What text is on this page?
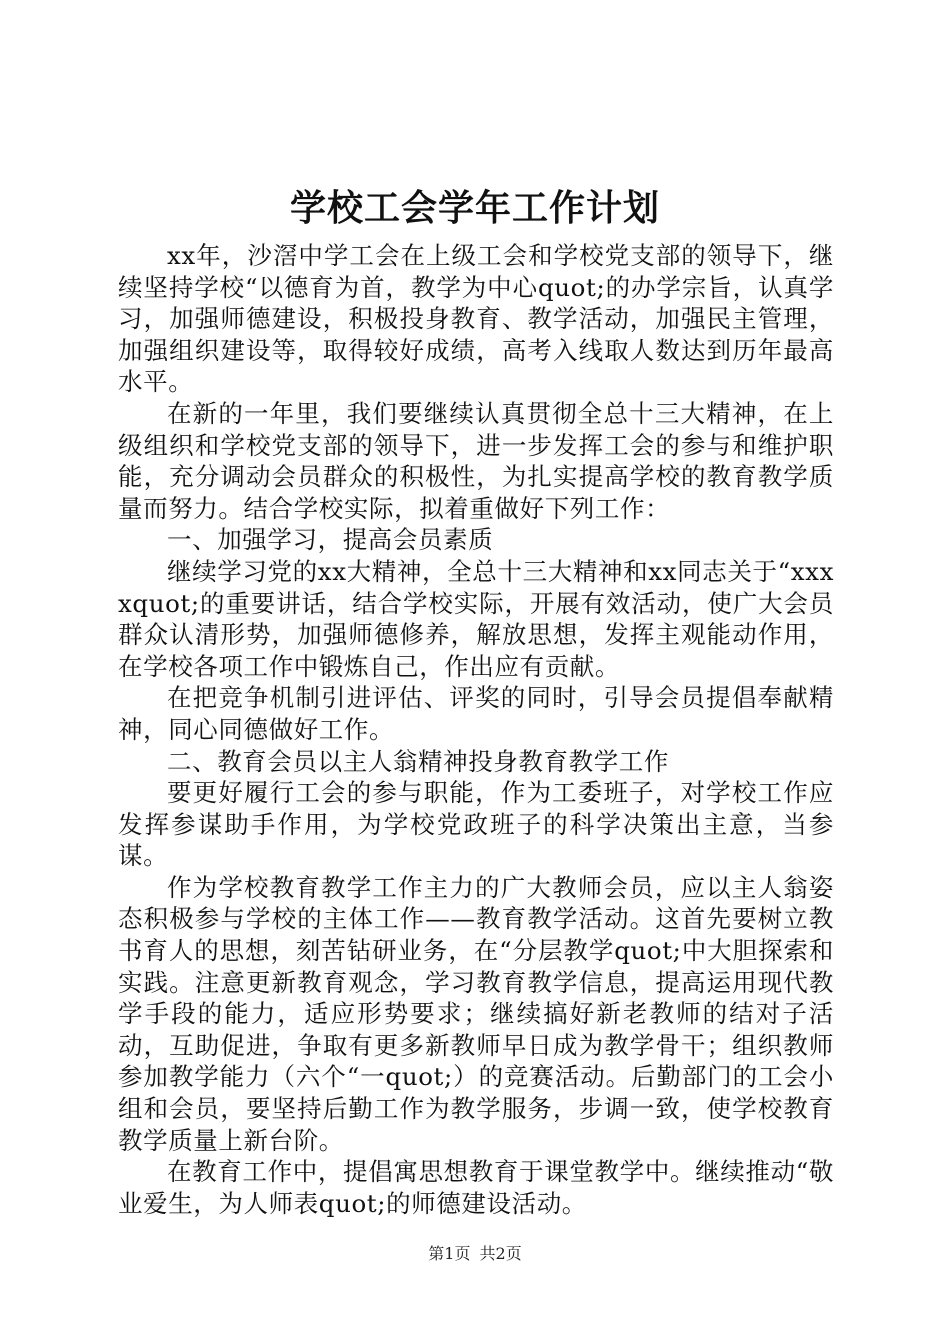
学校工会学年工作计划

xx年，沙滘中学工会在上级工会和学校党支部的领导下，继续坚持学校“以德育为首，教学为中心quot;的办学宗旨，认真学习，加强师德建设，积极投身教育、教学活动，加强民主管理，加强组织建设等，取得较好成绩，高考入线取人数达到历年最高水平。

在新的一年里，我们要继续认真贯彻全总十三大精神，在上级组织和学校党支部的领导下，进一步发挥工会的参与和维护职能，充分调动会员群众的积极性，为扎实提高学校的教育教学质量而努力。结合学校实际，拟着重做好下列工作：

一、加强学习，提高会员素质

继续学习党的xx大精神，全总十三大精神和xx同志关于“xxxxquot;的重要讲话，结合学校实际，开展有效活动，使广大会员群众认清形势，加强师德修养，解放思想，发挥主观能动作用，在学校各项工作中锻炼自己，作出应有贡献。

在把竞争机制引进评估、评奖的同时，引导会员提倡奉献精神，同心同德做好工作。

二、教育会员以主人翁精神投身教育教学工作

要更好履行工会的参与职能，作为工委班子，对学校工作应发挥参谋助手作用，为学校党政班子的科学决策出主意，当参谋。

作为学校教育教学工作主力的广大教师会员，应以主人翁姿态积极参与学校的主体工作——教育教学活动。这首先要树立教书育人的思想，刻苦钻研业务，在“分层教学quot;中大胆探索和实践。注意更新教育观念，学习教育教学信息，提高运用现代教学手段的能力，适应形势要求；继续搞好新老教师的结对子活动，互助促进，争取有更多新教师早日成为教学骨干；组织教师参加教学能力（六个“一quot;）的竞赛活动。后勤部门的工会小组和会员，要坚持后勤工作为教学服务，步调一致，使学校教育教学质量上新台阶。

在教育工作中，提倡寓思想教育于课堂教学中。继续推动“敬业爱生，为人师表quot;的师德建设活动。

第1页 共2页
